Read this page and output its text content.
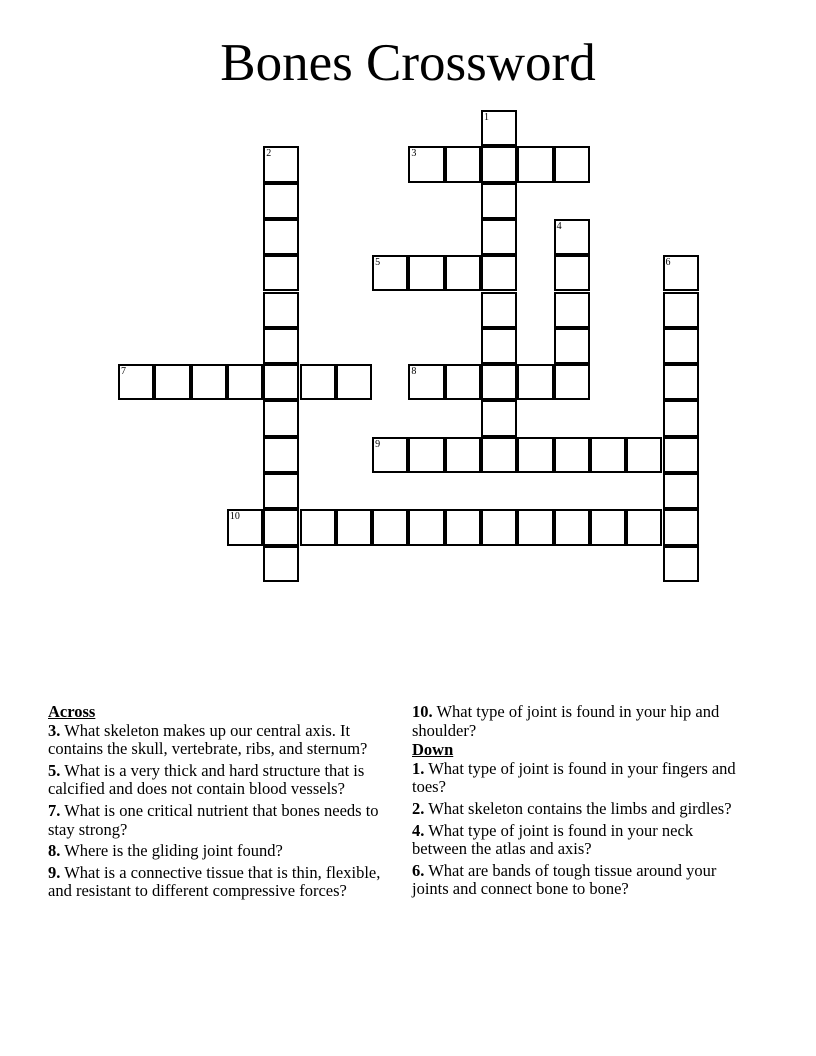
Bones Crossword
1
2	3
4
5	6
7	8
9
10
Across
3. What skeleton makes up our central axis. It contains the skull, vertebrate, ribs, and sternum?
5. What is a very thick and hard structure that is calcified and does not contain blood vessels?
7. What is one critical nutrient that bones needs to stay strong?
8. Where is the gliding joint found?
9. What is a connective tissue that is thin, flexible, and resistant to different compressive forces?
10. What type of joint is found in your hip and shoulder?
Down
1. What type of joint is found in your fingers and toes?
2. What skeleton contains the limbs and girdles?
4. What type of joint is found in your neck between the atlas and axis?
6. What are bands of tough tissue around your joints and connect bone to bone?
